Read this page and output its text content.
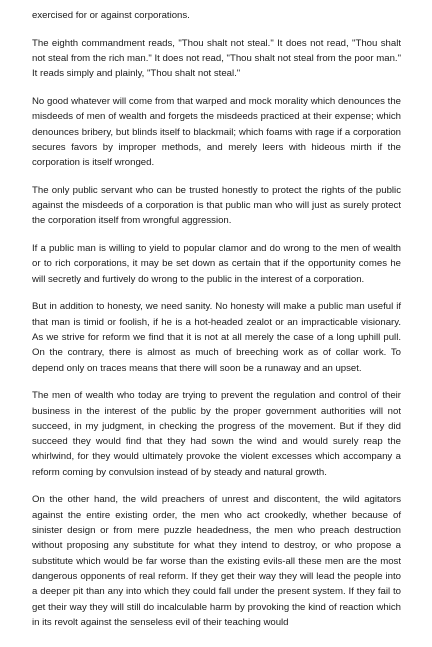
exercised for or against corporations.

The eighth commandment reads, "Thou shalt not steal." It does not read, "Thou shalt not steal from the rich man." It does not read, "Thou shalt not steal from the poor man." It reads simply and plainly, "Thou shalt not steal."

No good whatever will come from that warped and mock morality which denounces the misdeeds of men of wealth and forgets the misdeeds practiced at their expense; which denounces bribery, but blinds itself to blackmail; which foams with rage if a corporation secures favors by improper methods, and merely leers with hideous mirth if the corporation is itself wronged.

The only public servant who can be trusted honestly to protect the rights of the public against the misdeeds of a corporation is that public man who will just as surely protect the corporation itself from wrongful aggression.

If a public man is willing to yield to popular clamor and do wrong to the men of wealth or to rich corporations, it may be set down as certain that if the opportunity comes he will secretly and furtively do wrong to the public in the interest of a corporation.

But in addition to honesty, we need sanity. No honesty will make a public man useful if that man is timid or foolish, if he is a hot-headed zealot or an impracticable visionary. As we strive for reform we find that it is not at all merely the case of a long uphill pull. On the contrary, there is almost as much of breeching work as of collar work. To depend only on traces means that there will soon be a runaway and an upset.

The men of wealth who today are trying to prevent the regulation and control of their business in the interest of the public by the proper government authorities will not succeed, in my judgment, in checking the progress of the movement. But if they did succeed they would find that they had sown the wind and would surely reap the whirlwind, for they would ultimately provoke the violent excesses which accompany a reform coming by convulsion instead of by steady and natural growth.

On the other hand, the wild preachers of unrest and discontent, the wild agitators against the entire existing order, the men who act crookedly, whether because of sinister design or from mere puzzle headedness, the men who preach destruction without proposing any substitute for what they intend to destroy, or who propose a substitute which would be far worse than the existing evils-all these men are the most dangerous opponents of real reform. If they get their way they will lead the people into a deeper pit than any into which they could fall under the present system. If they fail to get their way they will still do incalculable harm by provoking the kind of reaction which in its revolt against the senseless evil of their teaching would
